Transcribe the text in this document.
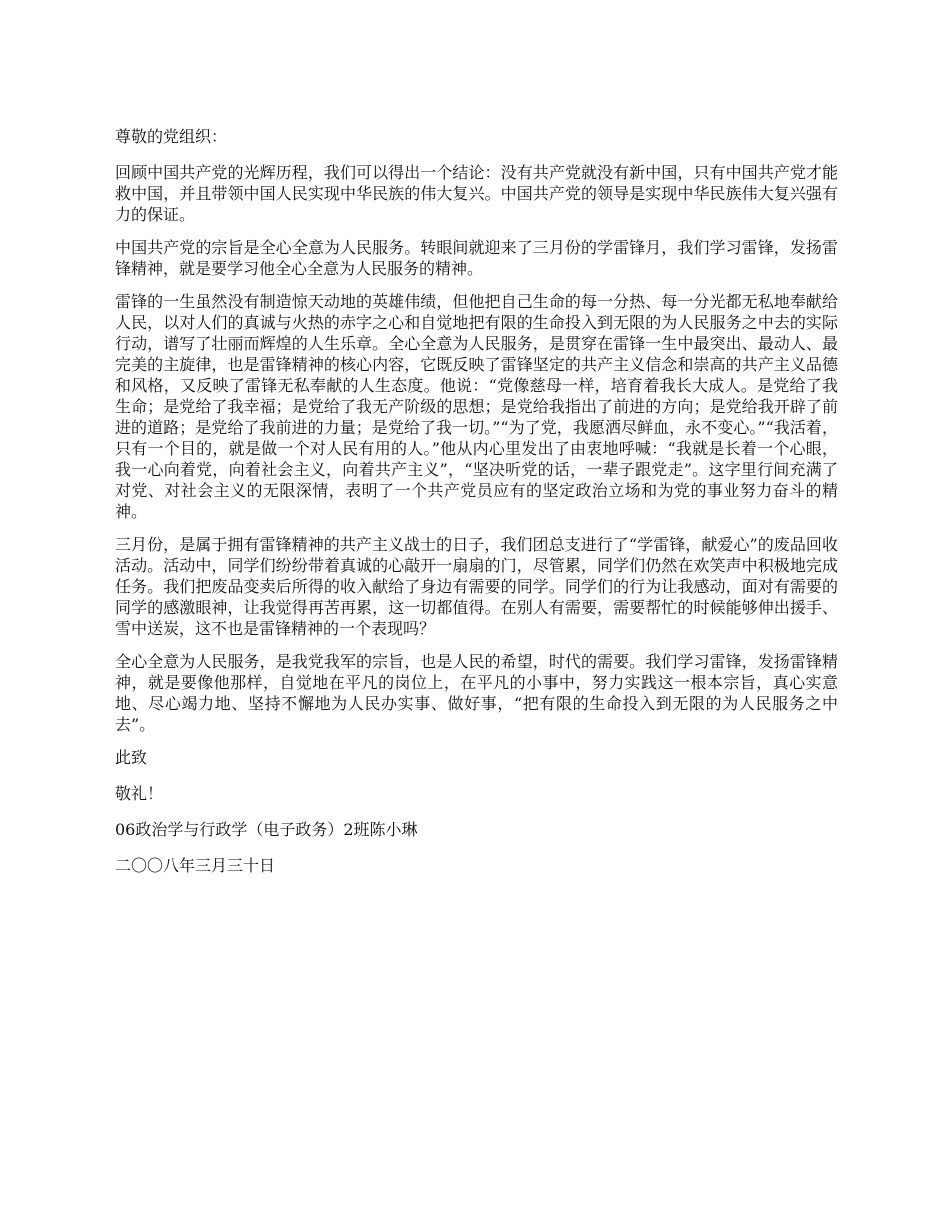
尊敬的党组织：

回顾中国共产党的光辉历程，我们可以得出一个结论：没有共产党就没有新中国，只有中国共产党才能救中国，并且带领中国人民实现中华民族的伟大复兴。中国共产党的领导是实现中华民族伟大复兴强有力的保证。

中国共产党的宗旨是全心全意为人民服务。转眼间就迎来了三月份的学雷锋月，我们学习雷锋，发扬雷锋精神，就是要学习他全心全意为人民服务的精神。

雷锋的一生虽然没有制造惊天动地的英雄伟绩，但他把自己生命的每一分热、每一分光都无私地奉献给人民，以对人们的真诚与火热的赤字之心和自觉地把有限的生命投入到无限的为人民服务之中去的实际行动，谱写了壮丽而辉煌的人生乐章。全心全意为人民服务，是贯穿在雷锋一生中最突出、最动人、最完美的主旋律，也是雷锋精神的核心内容，它既反映了雷锋坚定的共产主义信念和崇高的共产主义品德和风格，又反映了雷锋无私奉献的人生态度。他说：“党像慈母一样，培育着我长大成人。是党给了我生命；是党给了我幸福；是党给了我无产阶级的思想；是党给我指出了前进的方向；是党给我开辟了前进的道路；是党给了我前进的力量；是党给了我一切。”“为了党，我愿洒尽鲜血，永不变心。”“我活着，只有一个目的，就是做一个对人民有用的人。”他从内心里发出了由衷地呼喊：“我就是长着一个心眼，我一心向着党，向着社会主义，向着共产主义”，“坚决听党的话，一辈子跟党走”。这字里行间充满了对党、对社会主义的无限深情，表明了一个共产党员应有的坚定政治立场和为党的事业努力奋斗的精神。

三月份，是属于拥有雷锋精神的共产主义战士的日子，我们团总支进行了“学雷锋，献爱心”的废品回收活动。活动中，同学们纷纷带着真诚的心敲开一扇扇的门，尽管累，同学们仍然在欢笑声中积极地完成任务。我们把废品变卖后所得的收入献给了身边有需要的同学。同学们的行为让我感动，面对有需要的同学的感激眼神，让我觉得再苦再累，这一切都值得。在别人有需要，需要帮忙的时候能够伸出援手、雪中送炭，这不也是雷锋精神的一个表现吗？

全心全意为人民服务，是我党我军的宗旨，也是人民的希望，时代的需要。我们学习雷锋，发扬雷锋精神，就是要像他那样，自觉地在平凡的岗位上，在平凡的小事中，努力实践这一根本宗旨，真心实意地、尽心竭力地、坚持不懈地为人民办实事、做好事，“把有限的生命投入到无限的为人民服务之中去”。

此致

敬礼！

06政治学与行政学（电子政务）2班陈小琳

二〇〇八年三月三十日
